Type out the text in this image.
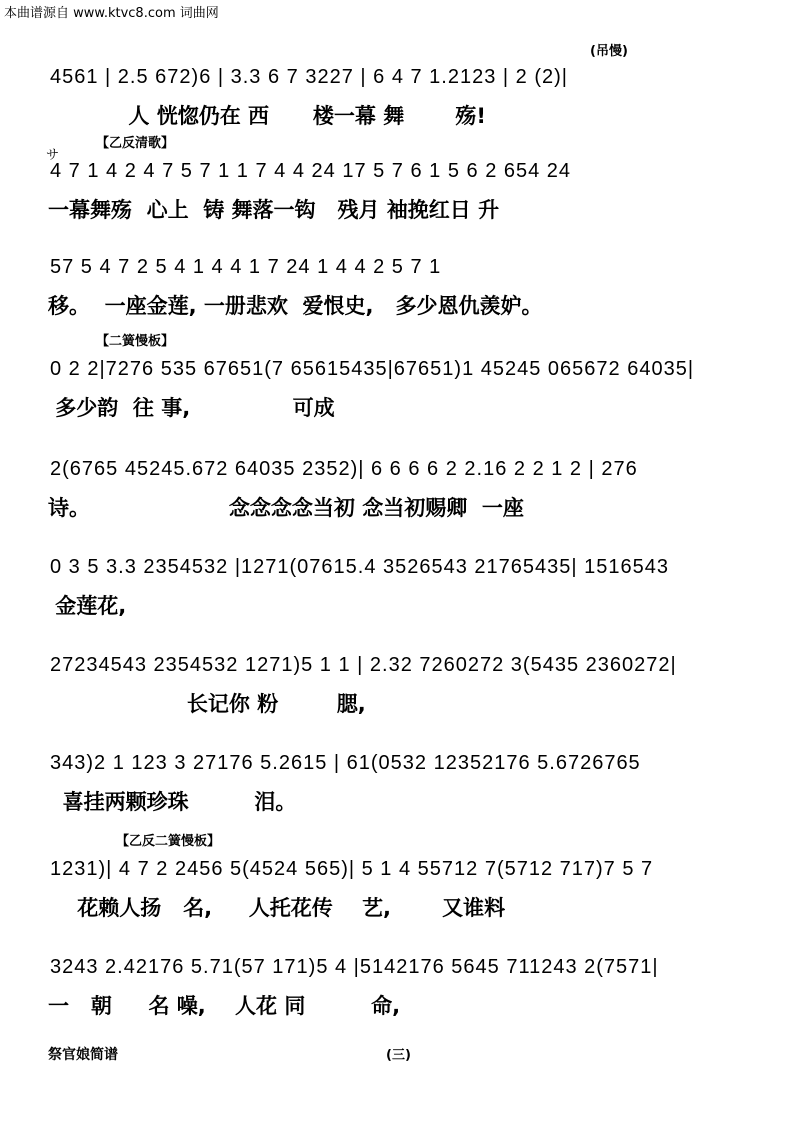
本曲谱源自 www.ktvc8.com 词曲网
(吊慢)
4561 | 2.5 672)6 | 3.3 6 7 3227 | 6 4 7 1.2123 | 2 (2)|
人 恍惚仍在 西      楼一幕 舞       殇!
【乙反清歌】
サ
4 7 1 4 2 4 7 5 7 1 1 7 4 4 24 17 5 7 6 1 5 6 2 654 24
一幕舞殇  心上  铸 舞落一钩   残月 袖挽红日 升
57 5 4 7 2 5 4 1 4 4 1 7 24 1 4 4 2 5 7 1
移。  一座金莲, 一册悲欢  爱恨史,   多少恩仇羡妒。
【二簧慢板】
0 2 2|7276 535 67651(7 65615435|67651)1 45245 065672 64035|
多少韵  往 事,              可成
2(6765 45245.672 64035 2352)| 6 6 6 6 2 2.16 2 2 1 2 | 276
诗。                   念念念念当初 念当初赐卿  一座
0 3 5 3.3 2354532 |1271(07615.4 3526543 21765435| 1516543
金莲花,
27234543 2354532 1271)5 1 1 | 2.32 7260272 3(5435 2360272|
长记你 粉        腮,
343)2 1 123 3 27176 5.2615 | 61(0532 12352176 5.6726765
喜挂两颗珍珠         泪。
【乙反二簧慢板】
1231)| 4 7 2 2456 5(4524 565)| 5 1 4 55712 7(5712 717)7 5 7
花赖人扬   名,     人托花传    艺,       又谁料
3243 2.42176 5.71(57 171)5 4 |5142176 5645 711243 2(7571|
一   朝     名 噪,    人花 同         命,
祭官娘简谱	(三)
